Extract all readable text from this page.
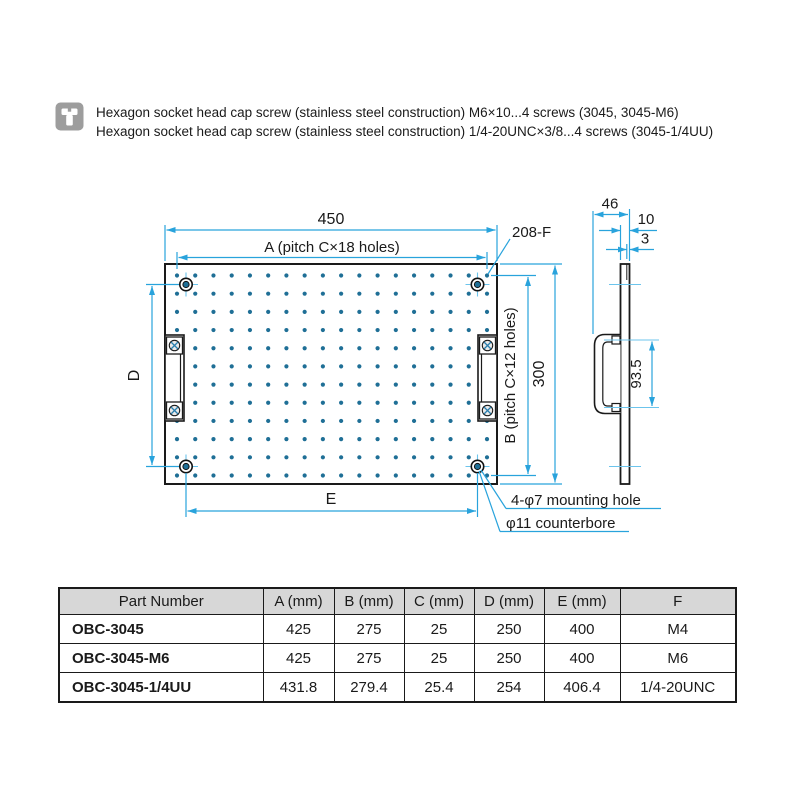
Hexagon socket head cap screw (stainless steel construction) M6×10...4 screws (3045, 3045-M6)
Hexagon socket head cap screw (stainless steel construction) 1/4-20UNC×3/8...4 screws (3045-1/4UU)
450
A (pitch C×18 holes)
208-F
D
E
B (pitch C×12 holes) 300
4-φ7 mounting hole
φ11 counterbore
46
10
3
93.5
Part Number	A (mm)	B (mm)	C (mm)	D (mm)	E (mm)	F
OBC-3045	425	275	25	250	400	M4
OBC-3045-M6	425	275	25	250	400	M6
OBC-3045-1/4UU	431.8	279.4	25.4	254	406.4	1/4-20UNC
